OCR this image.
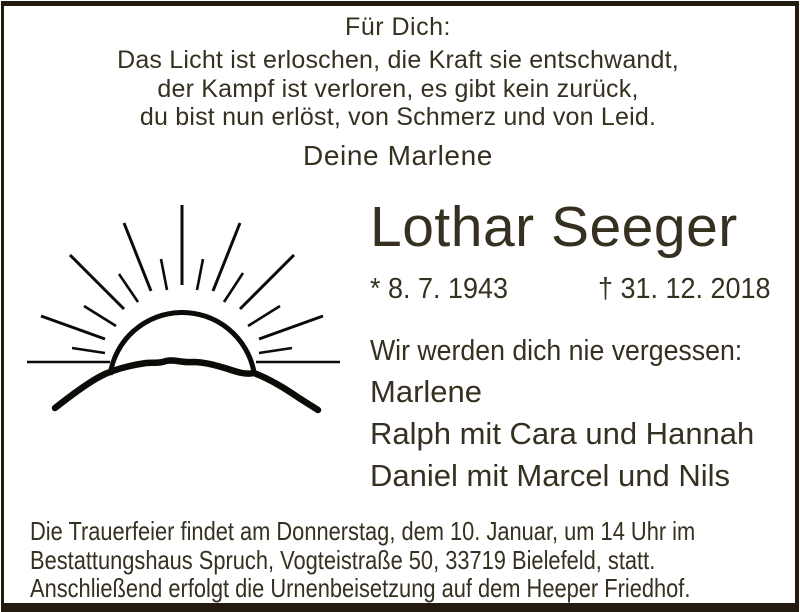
Für Dich:
Das Licht ist erloschen, die Kraft sie entschwandt,
der Kampf ist verloren, es gibt kein zurück,
du bist nun erlöst, von Schmerz und von Leid.
Deine Marlene
Lothar Seeger
* 8. 7. 1943	† 31. 12. 2018
Wir werden dich nie vergessen:
Marlene
Ralph mit Cara und Hannah
Daniel mit Marcel und Nils
Die Trauerfeier findet am Donnerstag, dem 10. Januar, um 14 Uhr im
Bestattungshaus Spruch, Vogteistraße 50, 33719 Bielefeld, statt.
Anschließend erfolgt die Urnenbeisetzung auf dem Heeper Friedhof.
